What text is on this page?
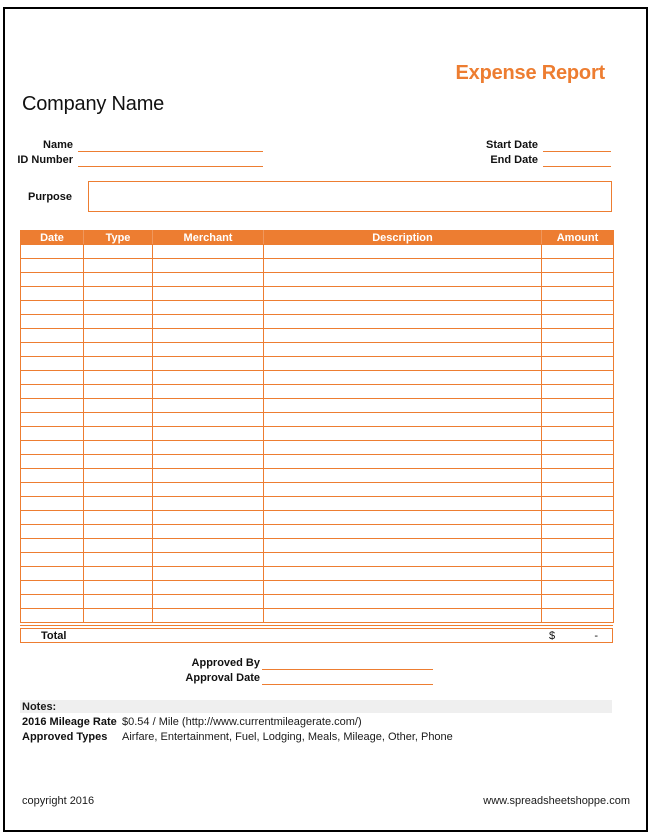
Expense Report
Company Name
Name
ID Number
Start Date
End Date
Purpose
Date	Type	Merchant	Description	Amount

Total	$	-
Approved By
Approval Date
Notes:
2016 Mileage Rate $0.54 / Mile (http://www.currentmileagerate.com/)
Approved Types Airfare, Entertainment, Fuel, Lodging, Meals, Mileage, Other, Phone
copyright 2016	www.spreadsheetshoppe.com
